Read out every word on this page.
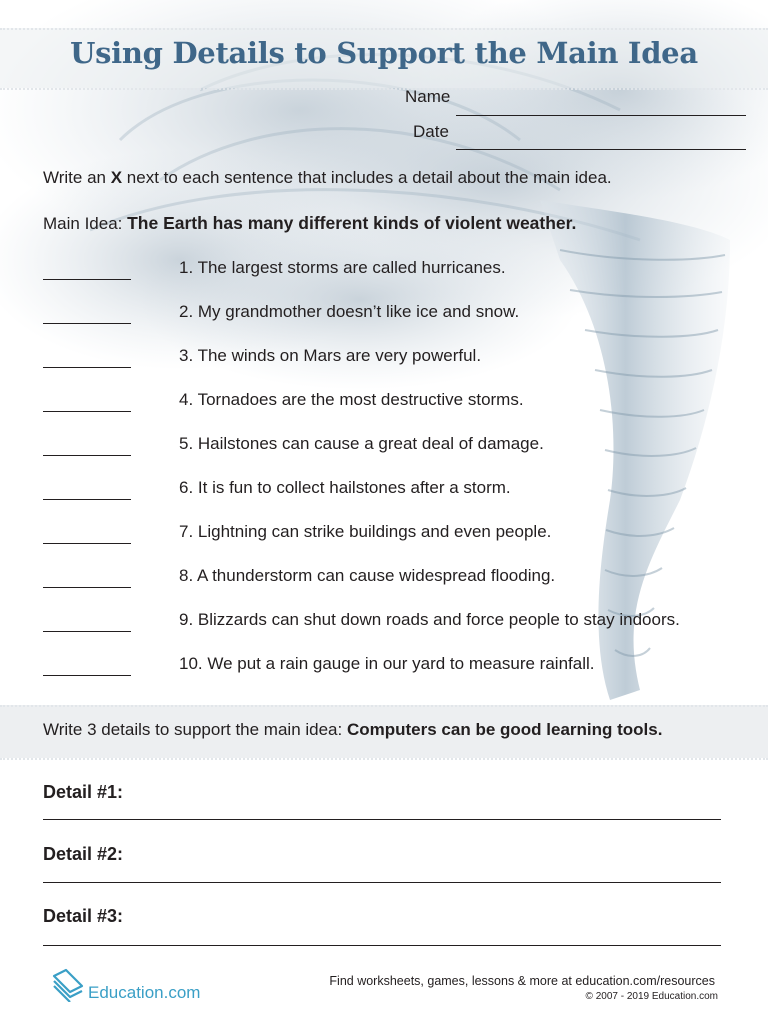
Using Details to Support the Main Idea
Name
Date
Write an X next to each sentence that includes a detail about the main idea.
Main Idea: The Earth has many different kinds of violent weather.
1. The largest storms are called hurricanes.
2. My grandmother doesn’t like ice and snow.
3. The winds on Mars are very powerful.
4. Tornadoes are the most destructive storms.
5. Hailstones can cause a great deal of damage.
6. It is fun to collect hailstones after a storm.
7. Lightning can strike buildings and even people.
8. A thunderstorm can cause widespread flooding.
9. Blizzards can shut down roads and force people to stay indoors.
10. We put a rain gauge in our yard to measure rainfall.
Write 3 details to support the main idea: Computers can be good learning tools.
Detail #1:
Detail #2:
Detail #3:
Education.com
Find worksheets, games, lessons & more at education.com/resources
© 2007 - 2019 Education.com
